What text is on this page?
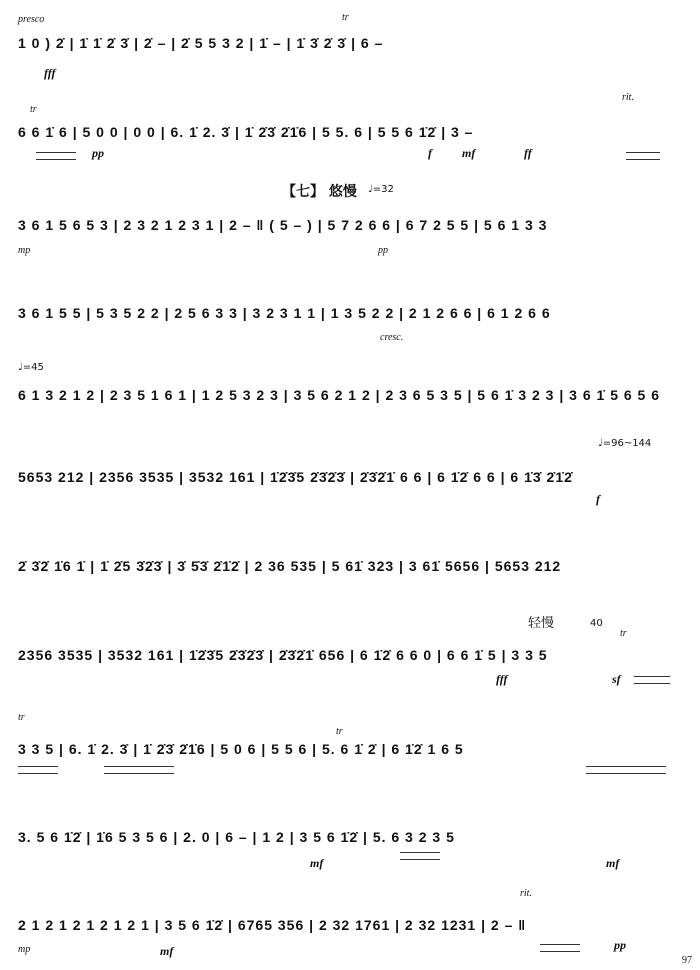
presco
1 0 ) 2̇ | 1̇ 1̇ 2̇ 3̇ | 2̇ – | 2̇ 5 5 3 2 | 1̇ – | 1̇ 3̇ 2̇ 3̇ | 6 –
fff
tr
tr
6 6 1̇ 6 | 5 0 0 | 0 0 | 6. 1̇ 2. 3̇ | 1̇ 2̇3̇ 2̇1̇6 | 5 5. 6 | 5 5 6 1̇2̇ | 3 –
rit.
pp	f	mf	ff
【七】 悠慢 ♩=32
3 6 1 5 6 5 3 | 2 3 2 1 2 3 1 | 2 – ‖ ( 5 – ) | 5 7 2 6 6 | 6 7 2 5 5 | 5 6 1 3 3
mp	pp
3 6 1 5 5 | 5 3 5 2 2 | 2 5 6 3 3 | 3 2 3 1 1 | 1 3 5 2 2 | 2 1 2 6 6 | 6 1 2 6 6
cresc.
♩=45
6 1 3 2 1 2 | 2 3 5 1 6 1 | 1 2 5 3 2 3 | 3 5 6 2 1 2 | 2 3 6 5 3 5 | 5 6 1̇ 3 2 3 | 3 6 1̇ 5 6 5 6
♩=96~144
5653 212 | 2356 3535 | 3532 161 | 1̇2̇3̇5 2̇3̇2̇3̇ | 2̇3̇2̇1̇ 6 6 | 6 1̇2̇ 6 6 | 6 1̇3̇ 2̇1̇2̇
f
2̇ 3̇2̇ 1̇6 1̇ | 1̇ 2̇5 3̇2̇3̇ | 3̇ 5̇3̇ 2̇1̇2̇ | 2 36 535 | 5 61̇ 323 | 3 61̇ 5656 | 5653 212
轻慢	40
tr
2356 3535 | 3532 161 | 1̇2̇3̇5 2̇3̇2̇3̇ | 2̇3̇2̇1̇ 656 | 6 1̇2̇ 6 6 0 | 6 6 1̇ 5 | 3 3 5
fff	sf
tr
3 3 5 | 6. 1̇ 2. 3̇ | 1̇ 2̇3̇ 2̇1̇6 | 5 0 6 | 5 5 6 | 5. 6 1̇ 2̇ | 6 1̇2̇ 1 6 5
tr
3. 5 6 1̇2̇ | 1̇6 5 3 5 6 | 2. 0 | 6 – | 1 2 | 3 5 6 1̇2̇ | 5. 6 3 2 3 5
mf	mf
rit.
2 1 2 1 2 1 2 1 2 1 | 3 5 6 1̇2̇ | 6765 356 | 2 32 1761 | 2 32 1231 | 2 – ‖
mp	mf	pp
97
